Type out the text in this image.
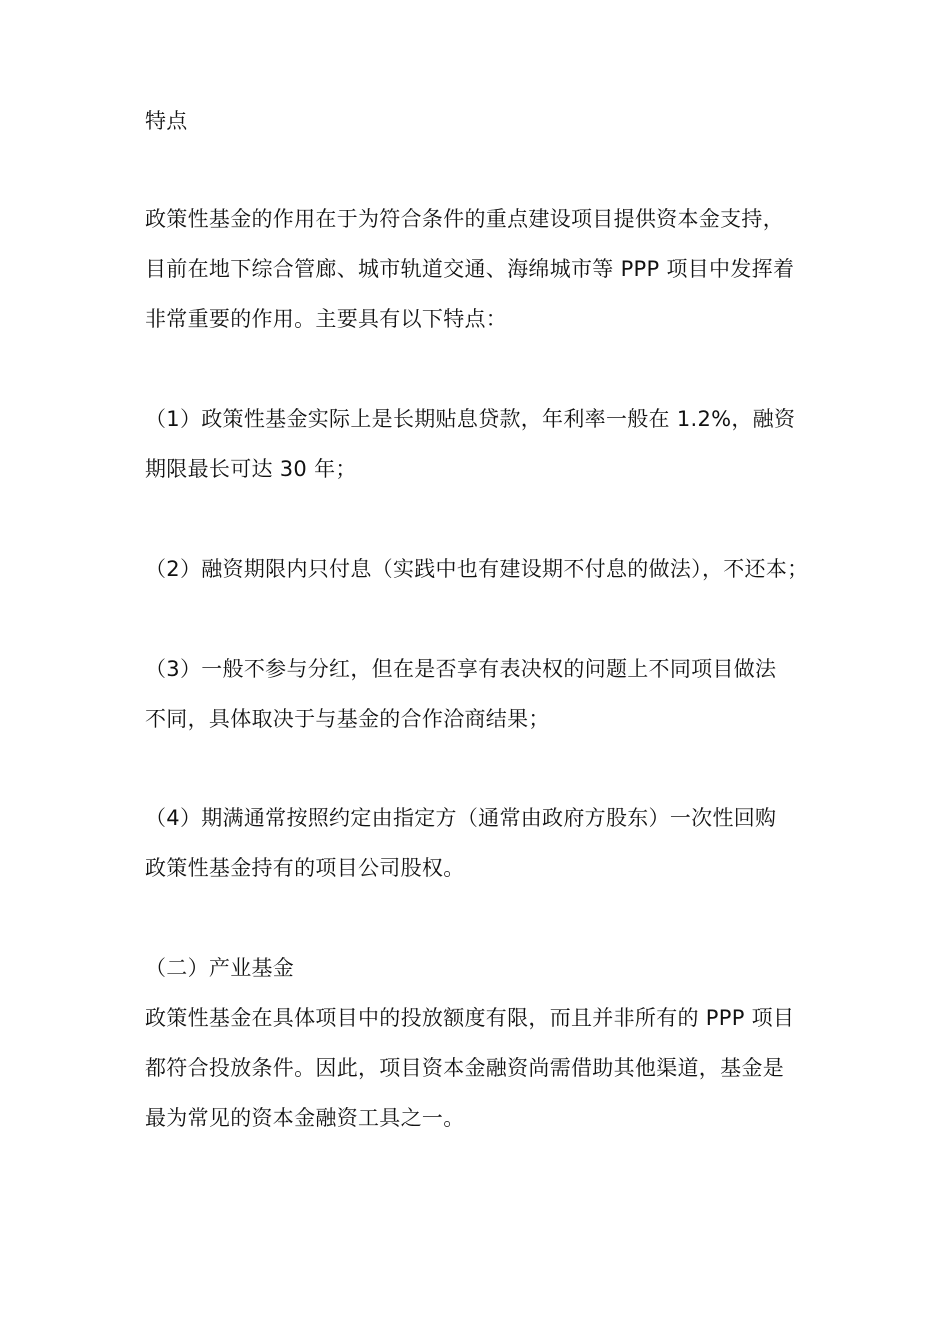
特点
政策性基金的作用在于为符合条件的重点建设项目提供资本金支持，
目前在地下综合管廊、城市轨道交通、海绵城市等 PPP 项目中发挥着
非常重要的作用。主要具有以下特点：
（1）政策性基金实际上是长期贴息贷款，年利率一般在 1.2%，融资
期限最长可达 30 年；
（2）融资期限内只付息（实践中也有建设期不付息的做法），不还本；
（3）一般不参与分红，但在是否享有表决权的问题上不同项目做法
不同，具体取决于与基金的合作洽商结果；
（4）期满通常按照约定由指定方（通常由政府方股东）一次性回购
政策性基金持有的项目公司股权。
（二）产业基金
政策性基金在具体项目中的投放额度有限，而且并非所有的 PPP 项目
都符合投放条件。因此，项目资本金融资尚需借助其他渠道，基金是
最为常见的资本金融资工具之一。
